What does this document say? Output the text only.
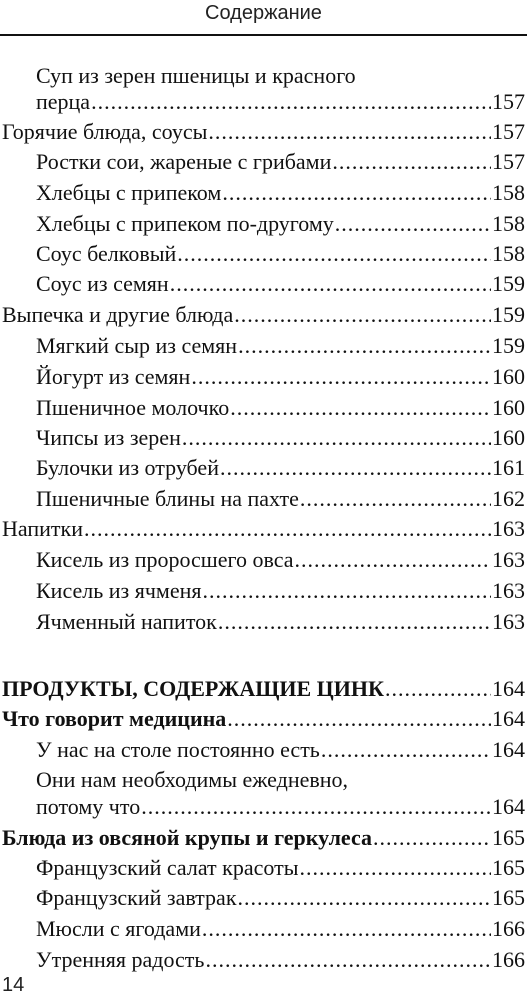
Содержание
Суп из зерен пшеницы и красного
перца .....	157
Горячие блюда, соусы .....	157
Ростки сои, жареные с грибами .....	157
Хлебцы с припеком .....	158
Хлебцы с припеком по-другому .....	158
Соус белковый .....	158
Соус из семян .....	159
Выпечка и другие блюда .....	159
Мягкий сыр из семян .....	159
Йогурт из семян .....	160
Пшеничное молочко .....	160
Чипсы из зерен .....	160
Булочки из отрубей .....	161
Пшеничные блины на пахте .....	162
Напитки .....	163
Кисель из проросшего овса .....	163
Кисель из ячменя .....	163
Ячменный напиток .....	163
ПРОДУКТЫ, СОДЕРЖАЩИЕ ЦИНК .....	164
Что говорит медицина .....	164
У нас на столе постоянно есть .....	164
Они нам необходимы ежедневно,
потому что .....	164
Блюда из овсяной крупы и геркулеса .....	165
Французский салат красоты .....	165
Французский завтрак .....	165
Мюсли с ягодами .....	166
Утренняя радость .....	166
14
